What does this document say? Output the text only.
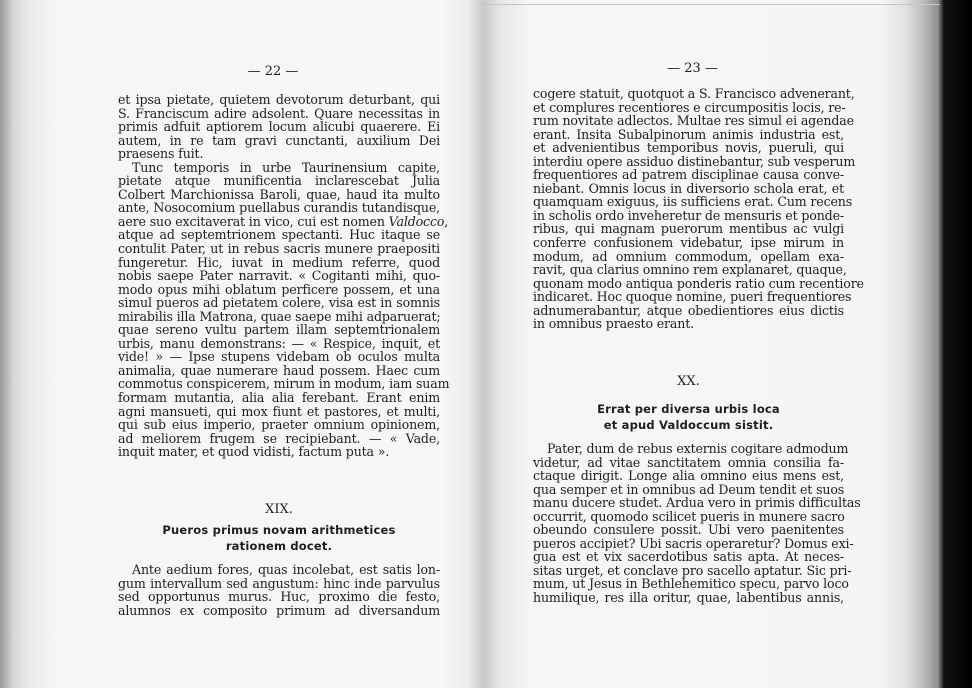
— 22 —
et ipsa pietate, quietem devotorum deturbant, qui
S. Franciscum adire adsolent. Quare necessitas in
primis adfuit aptiorem locum alicubi quaerere. Ei
autem, in re tam gravi cunctanti, auxilium Dei
praesens fuit.
Tunc temporis in urbe Taurinensium capite,
pietate atque munificentia inclarescebat Julia
Colbert Marchionissa Baroli, quae, haud ita multo
ante, Nosocomium puellabus curandis tutandisque,
aere suo excitaverat in vico, cui est nomen Valdocco,
atque ad septemtrionem spectanti. Huc itaque se
contulit Pater, ut in rebus sacris munere praepositi
fungeretur. Hic, iuvat in medium referre, quod
nobis saepe Pater narravit. « Cogitanti mihi, quo-
modo opus mihi oblatum perficere possem, et una
simul pueros ad pietatem colere, visa est in somnis
mirabilis illa Matrona, quae saepe mihi adparuerat;
quae sereno vultu partem illam septemtrionalem
urbis, manu demonstrans: — « Respice, inquit, et
vide! » — Ipse stupens videbam ob oculos multa
animalia, quae numerare haud possem. Haec cum
commotus conspicerem, mirum in modum, iam suam
formam mutantia, alia alia ferebant. Erant enim
agni mansueti, qui mox fiunt et pastores, et multi,
qui sub eius imperio, praeter omnium opinionem,
ad meliorem frugem se recipiebant. — « Vade,
inquit mater, et quod vidisti, factum puta ».
XIX.
Pueros primus novam arithmetices
rationem docet.
Ante aedium fores, quas incolebat, est satis lon-
gum intervallum sed angustum: hinc inde parvulus
sed opportunus murus. Huc, proximo die festo,
alumnos ex composito primum ad diversandum
— 23 —
cogere statuit, quotquot a S. Francisco advenerant,
et complures recentiores e circumpositis locis, re-
rum novitate adlectos. Multae res simul ei agendae
erant. Insita Subalpinorum animis industria est,
et advenientibus temporibus novis, pueruli, qui
interdiu opere assiduo distinebantur, sub vesperum
frequentiores ad patrem disciplinae causa conve-
niebant. Omnis locus in diversorio schola erat, et
quamquam exiguus, iis sufficiens erat. Cum recens
in scholis ordo inveheretur de mensuris et ponde-
ribus, qui magnam puerorum mentibus ac vulgi
conferre confusionem videbatur, ipse mirum in
modum, ad omnium commodum, opellam exa-
ravit, qua clarius omnino rem explanaret, quaque,
quonam modo antiqua ponderis ratio cum recentiore
indicaret. Hoc quoque nomine, pueri frequentiores
adnumerabantur, atque obedientiores eius dictis
in omnibus praesto erant.
XX.
Errat per diversa urbis loca
et apud Valdoccum sistit.
Pater, dum de rebus externis cogitare admodum
videtur, ad vitae sanctitatem omnia consilia fa-
ctaque dirigit. Longe alia omnino eius mens est,
qua semper et in omnibus ad Deum tendit et suos
manu ducere studet. Ardua vero in primis difficultas
occurrit, quomodo scilicet pueris in munere sacro
obeundo consulere possit. Ubi vero paenitentes
pueros accipiet? Ubi sacris operaretur? Domus exi-
gua est et vix sacerdotibus satis apta. At neces-
sitas urget, et conclave pro sacello aptatur. Sic pri-
mum, ut Jesus in Bethlehemitico specu, parvo loco
humilique, res illa oritur, quae, labentibus annis,
